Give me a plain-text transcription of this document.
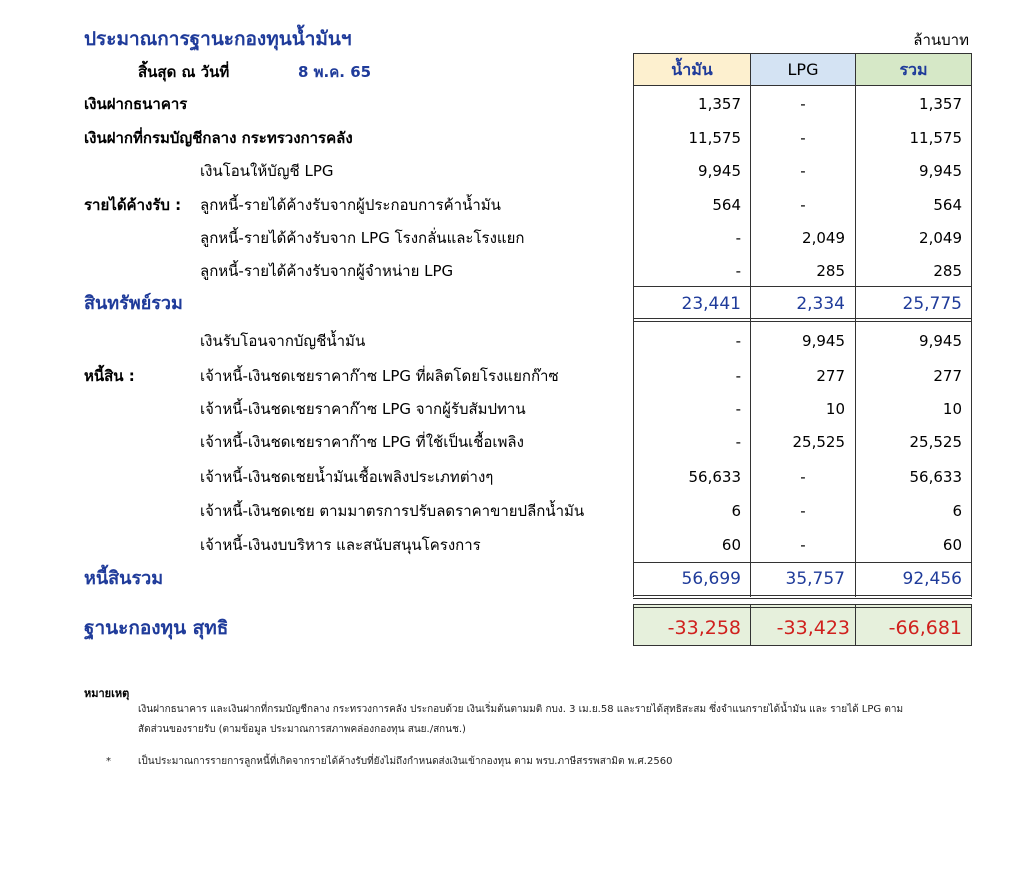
ประมาณการฐานะกองทุนน้ำมันฯ	ล้านบาท
สิ้นสุด ณ วันที่	8 พ.ค. 65	น้ำมัน	LPG	รวม
เงินฝากธนาคาร	1,357	-	1,357
เงินฝากที่กรมบัญชีกลาง กระทรวงการคลัง	11,575	-	11,575
รายได้ค้างรับ :
เงินโอนให้บัญชี LPG	9,945	-	9,945
ลูกหนี้-รายได้ค้างรับจากผู้ประกอบการค้าน้ำมัน	564	-	564
ลูกหนี้-รายได้ค้างรับจาก LPG โรงกลั่นและโรงแยก	-	2,049	2,049
ลูกหนี้-รายได้ค้างรับจากผู้จำหน่าย LPG	-	285	285
สินทรัพย์รวม	23,441	2,334	25,775
หนี้สิน :
เงินรับโอนจากบัญชีน้ำมัน	-	9,945	9,945
เจ้าหนี้-เงินชดเชยราคาก๊าซ LPG ที่ผลิตโดยโรงแยกก๊าซ	-	277	277
เจ้าหนี้-เงินชดเชยราคาก๊าซ LPG จากผู้รับสัมปทาน	-	10	10
เจ้าหนี้-เงินชดเชยราคาก๊าซ LPG ที่ใช้เป็นเชื้อเพลิง	-	25,525	25,525
เจ้าหนี้-เงินชดเชยน้ำมันเชื้อเพลิงประเภทต่างๆ	56,633	-	56,633
เจ้าหนี้-เงินชดเชย ตามมาตรการปรับลดราคาขายปลีกน้ำมัน	6	-	6
เจ้าหนี้-เงินงบบริหาร และสนับสนุนโครงการ	60	-	60
หนี้สินรวม	56,699	35,757	92,456
ฐานะกองทุน สุทธิ	-33,258	-33,423	-66,681
หมายเหตุ
เงินฝากธนาคาร และเงินฝากที่กรมบัญชีกลาง กระทรวงการคลัง ประกอบด้วย เงินเริ่มต้นตามมติ กบง. 3 เม.ย.58 และรายได้สุทธิสะสม ซึ่งจำแนกรายได้น้ำมัน และ รายได้ LPG ตาม
สัดส่วนของรายรับ (ตามข้อมูล ประมาณการสภาพคล่องกองทุน สนย./สกนช.)
*	เป็นประมาณการรายการลูกหนี้ที่เกิดจากรายได้ค้างรับที่ยังไม่ถึงกำหนดส่งเงินเข้ากองทุน ตาม พรบ.ภาษีสรรพสามิต พ.ศ.2560
